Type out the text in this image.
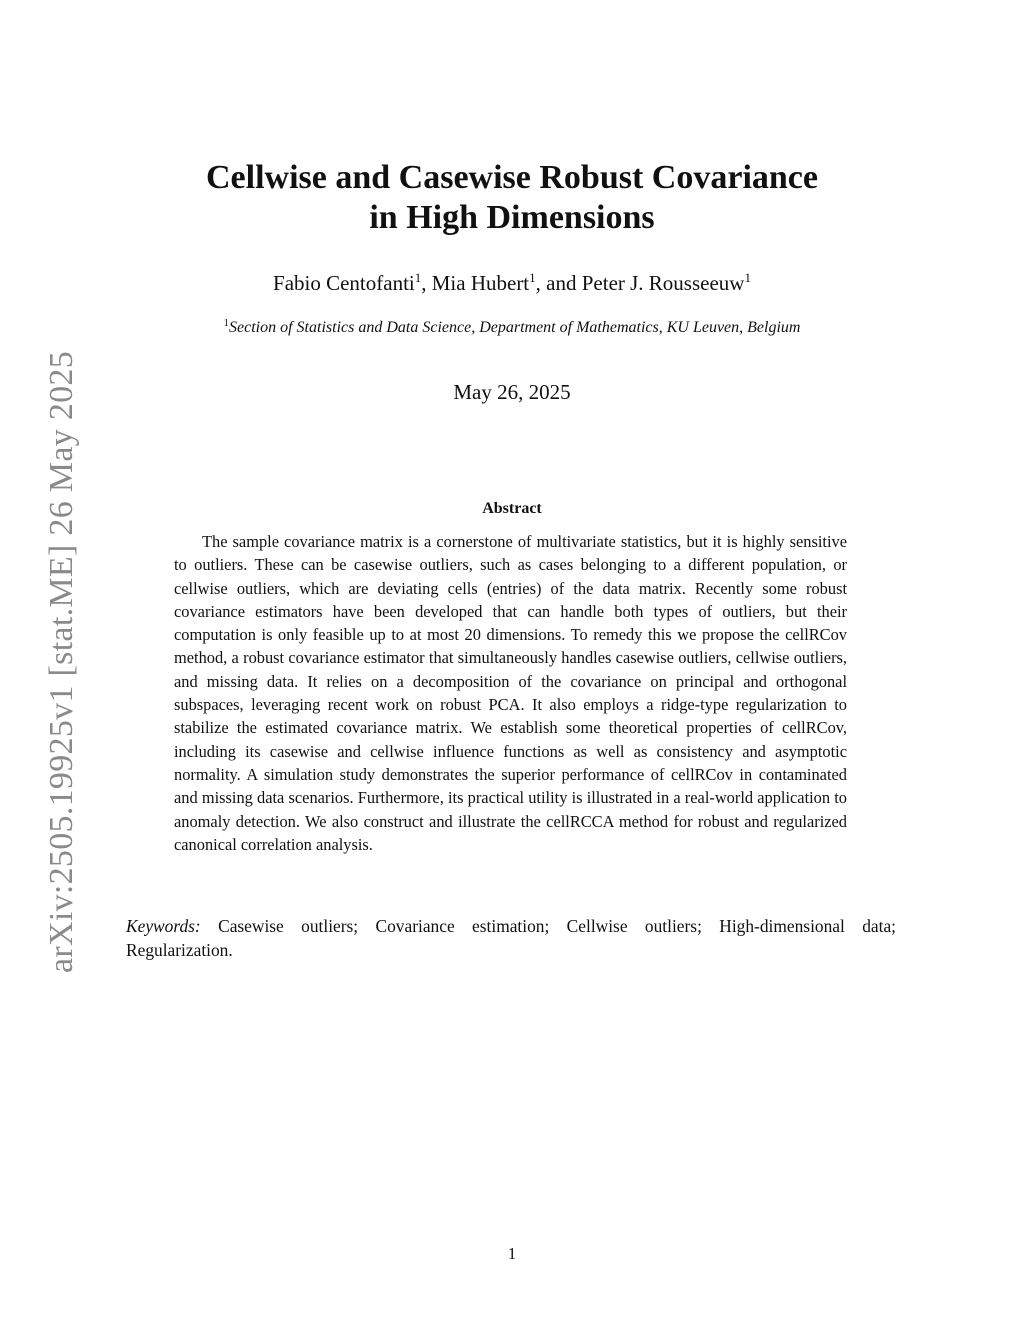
arXiv:2505.19925v1 [stat.ME] 26 May 2025
Cellwise and Casewise Robust Covariance
in High Dimensions
Fabio Centofanti$^1$, Mia Hubert$^1$, and Peter J. Rousseeuw$^1$
$^1$Section of Statistics and Data Science, Department of Mathematics, KU Leuven, Belgium
May 26, 2025
Abstract

The sample covariance matrix is a cornerstone of multivariate statistics, but it is highly sensitive to outliers. These can be casewise outliers, such as cases belonging to a different population, or cellwise outliers, which are deviating cells (entries) of the data matrix. Recently some robust covariance estimators have been developed that can handle both types of outliers, but their computation is only feasible up to at most 20 dimensions. To remedy this we propose the cellRCov method, a robust covariance estimator that simultaneously handles casewise outliers, cellwise outliers, and missing data. It relies on a decomposition of the covariance on principal and orthogonal subspaces, leveraging recent work on robust PCA. It also employs a ridge-type regularization to stabilize the estimated covariance matrix. We establish some theoretical properties of cellRCov, including its casewise and cellwise influence functions as well as consistency and asymptotic normality. A simulation study demonstrates the superior performance of cellRCov in contaminated and missing data scenarios. Furthermore, its practical utility is illustrated in a real-world application to anomaly detection. We also construct and illustrate the cellRCCA method for robust and regularized canonical correlation analysis.

Keywords: Casewise outliers; Covariance estimation; Cellwise outliers; High-dimensional data; Regularization.

1
